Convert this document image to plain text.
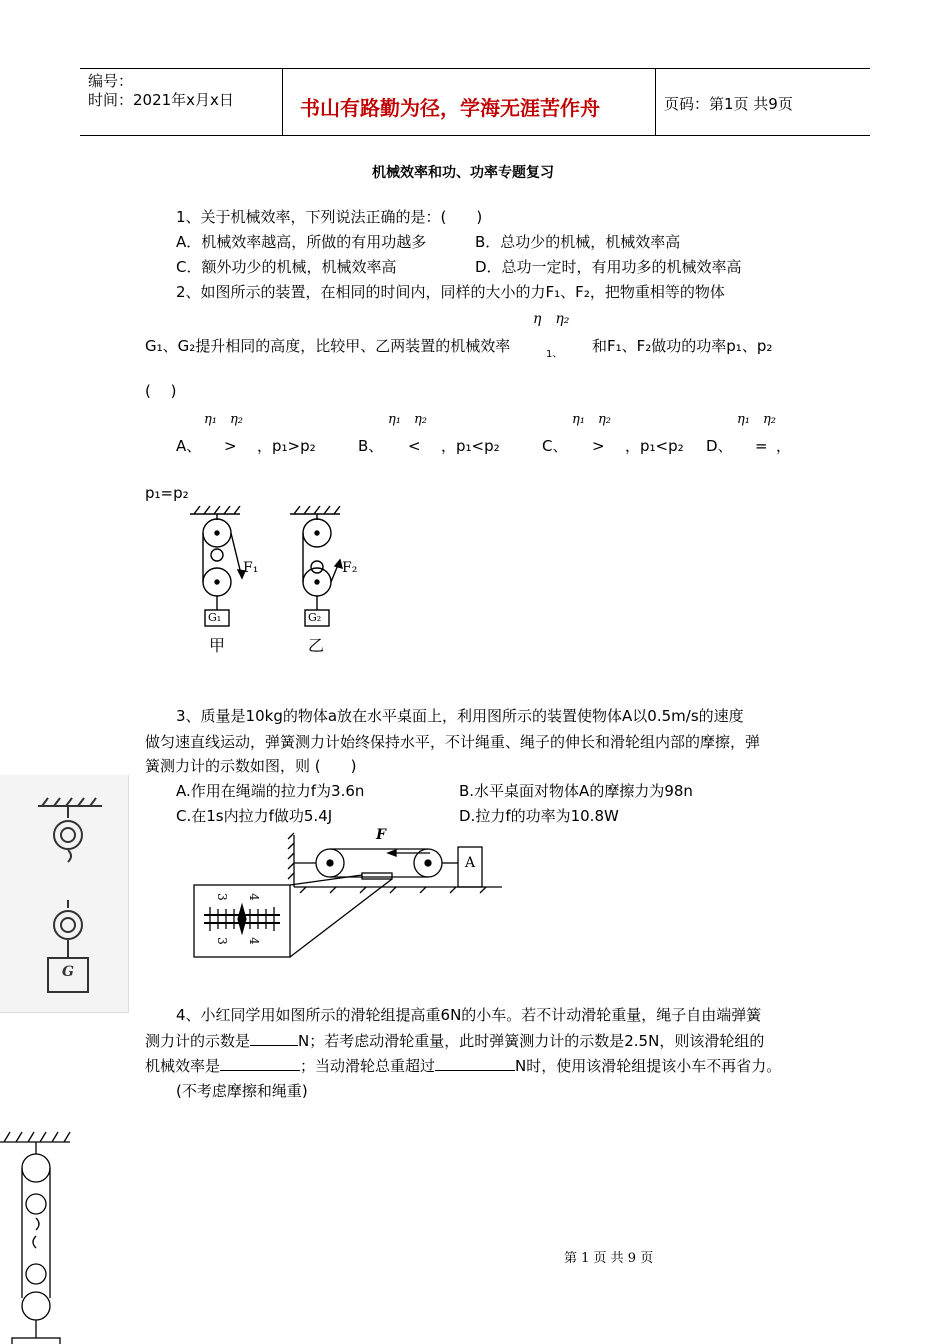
编号：
时间：2021年x月x日	书山有路勤为径，学海无涯苦作舟	页码：第1页 共9页
机械效率和功、功率专题复习
1、关于机械效率，下列说法正确的是：(　　)
A．机械效率越高，所做的有用功越多	B．总功少的机械，机械效率高
C．额外功少的机械，机械效率高	D．总功一定时，有用功多的机械效率高
2、如图所示的装置，在相同的时间内，同样的大小的力F₁、F₂，把物重相等的物体
η　η₂
G₁、G₂提升相同的高度，比较甲、乙两装置的机械效率	1、 和F₁、F₂做功的功率p₁、p₂
(　 )
η₁　η₂	η₁　η₂	η₁　η₂	η₁　η₂
A、 > ，p₁>p₂	B、 < ，p₁<p₂	C、 > ，p₁<p₂ D、 = ，
p₁=p₂
F₁	F₂
G₁	G₂
甲	乙
3、质量是10kg的物体a放在水平桌面上，利用图所示的装置使物体A以0.5m/s的速度
做匀速直线运动，弹簧测力计始终保持水平，不计绳重、绳子的伸长和滑轮组内部的摩擦，弹
簧测力计的示数如图，则 (　　)
A.作用在绳端的拉力f为3.6n	B.水平桌面对物体A的摩擦力为98n
C.在1s内拉力f做功5.4J	D.拉力f的功率为10.8W
G
F
A
3 4
3 4
4、小红同学用如图所示的滑轮组提高重6N的小车。若不计动滑轮重量，绳子自由端弹簧
测力计的示数是	N；若考虑动滑轮重量，此时弹簧测力计的示数是2.5N，则该滑轮组的
机械效率是	；当动滑轮总重超过	N时，使用该滑轮组提该小车不再省力。
(不考虑摩擦和绳重)
第 1 页 共 9 页
